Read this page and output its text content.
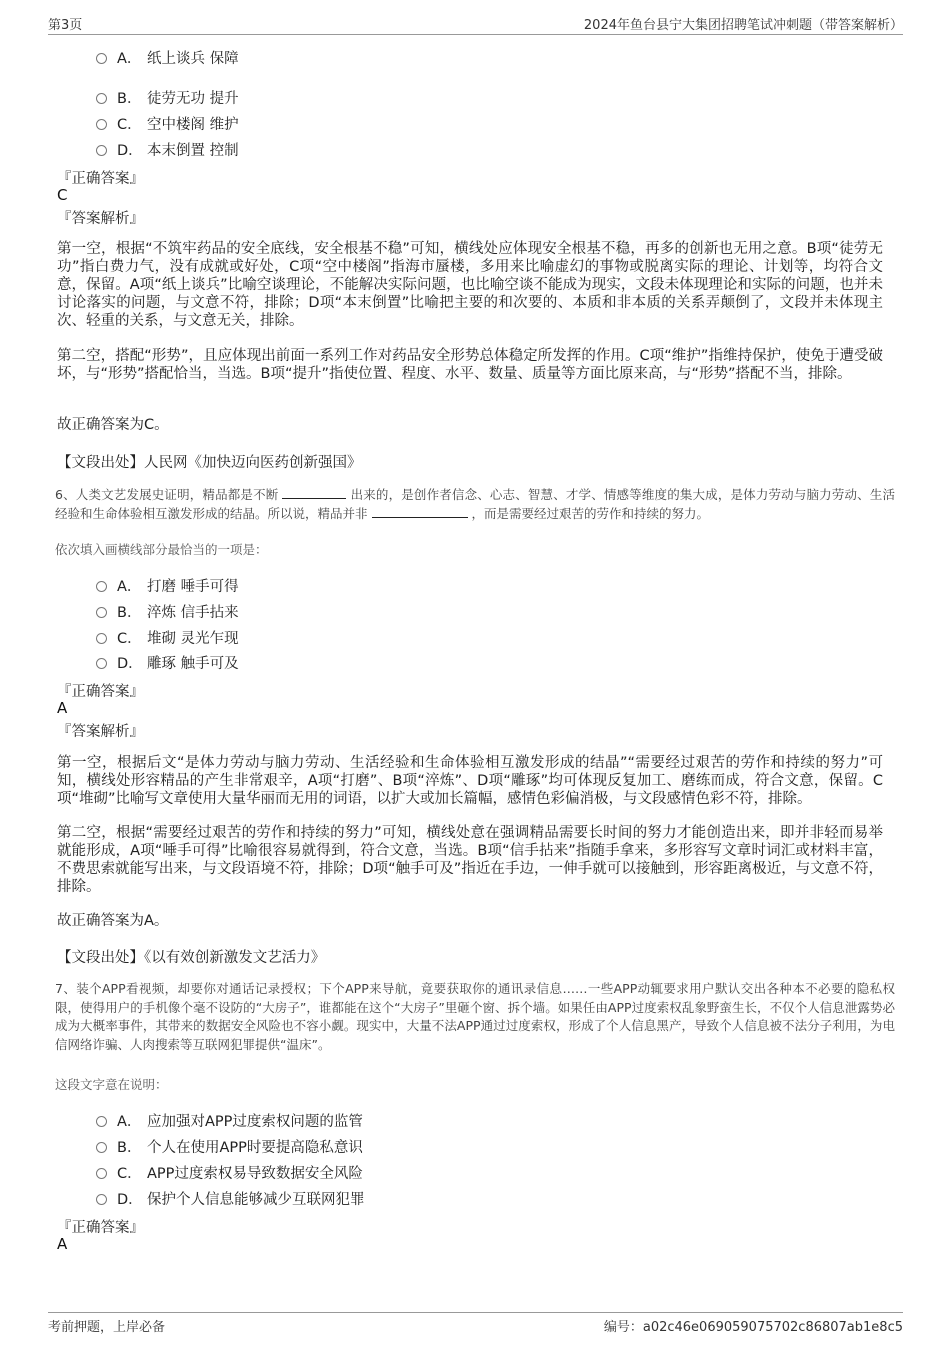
第3页	2024年鱼台县宁大集团招聘笔试冲刺题（带答案解析）
A． 纸上谈兵 保障
B． 徒劳无功 提升
C． 空中楼阁 维护
D． 本末倒置 控制
『正确答案』
C
『答案解析』
第一空，根据“不筑牢药品的安全底线，安全根基不稳”可知，横线处应体现安全根基不稳，再多的创新也无用之意。B项“徒劳无功”指白费力气，没有成就或好处，C项“空中楼阁”指海市蜃楼，多用来比喻虚幻的事物或脱离实际的理论、计划等，均符合文意，保留。A项“纸上谈兵”比喻空谈理论，不能解决实际问题，也比喻空谈不能成为现实，文段未体现理论和实际的问题，也并未讨论落实的问题，与文意不符，排除；D项“本末倒置”比喻把主要的和次要的、本质和非本质的关系弄颠倒了，文段并未体现主次、轻重的关系，与文意无关，排除。
第二空，搭配“形势”，且应体现出前面一系列工作对药品安全形势总体稳定所发挥的作用。C项“维护”指维持保护，使免于遭受破坏，与“形势”搭配恰当，当选。B项“提升”指使位置、程度、水平、数量、质量等方面比原来高，与“形势”搭配不当，排除。
故正确答案为C。
【文段出处】人民网《加快迈向医药创新强国》
6、人类文艺发展史证明，精品都是不断	出来的，是创作者信念、心志、智慧、才学、情感等维度的集大成，是体力劳动与脑力劳动、生活经验和生命体验相互激发形成的结晶。所以说，精品并非	，而是需要经过艰苦的劳作和持续的努力。
依次填入画横线部分最恰当的一项是：
A． 打磨 唾手可得
B． 淬炼 信手拈来
C． 堆砌 灵光乍现
D． 雕琢 触手可及
『正确答案』
A
『答案解析』
第一空，根据后文“是体力劳动与脑力劳动、生活经验和生命体验相互激发形成的结晶”“需要经过艰苦的劳作和持续的努力”可知，横线处形容精品的产生非常艰辛，A项“打磨”、B项“淬炼”、D项“雕琢”均可体现反复加工、磨练而成，符合文意，保留。C项“堆砌”比喻写文章使用大量华丽而无用的词语，以扩大或加长篇幅，感情色彩偏消极，与文段感情色彩不符，排除。
第二空，根据“需要经过艰苦的劳作和持续的努力”可知，横线处意在强调精品需要长时间的努力才能创造出来，即并非轻而易举就能形成，A项“唾手可得”比喻很容易就得到，符合文意，当选。B项“信手拈来”指随手拿来，多形容写文章时词汇或材料丰富，不费思索就能写出来，与文段语境不符，排除；D项“触手可及”指近在手边，一伸手就可以接触到，形容距离极近，与文意不符，排除。
故正确答案为A。
【文段出处】《以有效创新激发文艺活力》
7、装个APP看视频，却要你对通话记录授权；下个APP来导航，竟要获取你的通讯录信息……一些APP动辄要求用户默认交出各种本不必要的隐私权限，使得用户的手机像个毫不设防的“大房子”，谁都能在这个“大房子”里砸个窗、拆个墙。如果任由APP过度索权乱象野蛮生长，不仅个人信息泄露势必成为大概率事件，其带来的数据安全风险也不容小觑。现实中，大量不法APP通过过度索权，形成了个人信息黑产，导致个人信息被不法分子利用，为电信网络诈骗、人肉搜索等互联网犯罪提供“温床”。
这段文字意在说明：
A． 应加强对APP过度索权问题的监管
B． 个人在使用APP时要提高隐私意识
C． APP过度索权易导致数据安全风险
D． 保护个人信息能够减少互联网犯罪
『正确答案』
A
考前押题，上岸必备	编号：a02c46e069059075702c86807ab1e8c5
